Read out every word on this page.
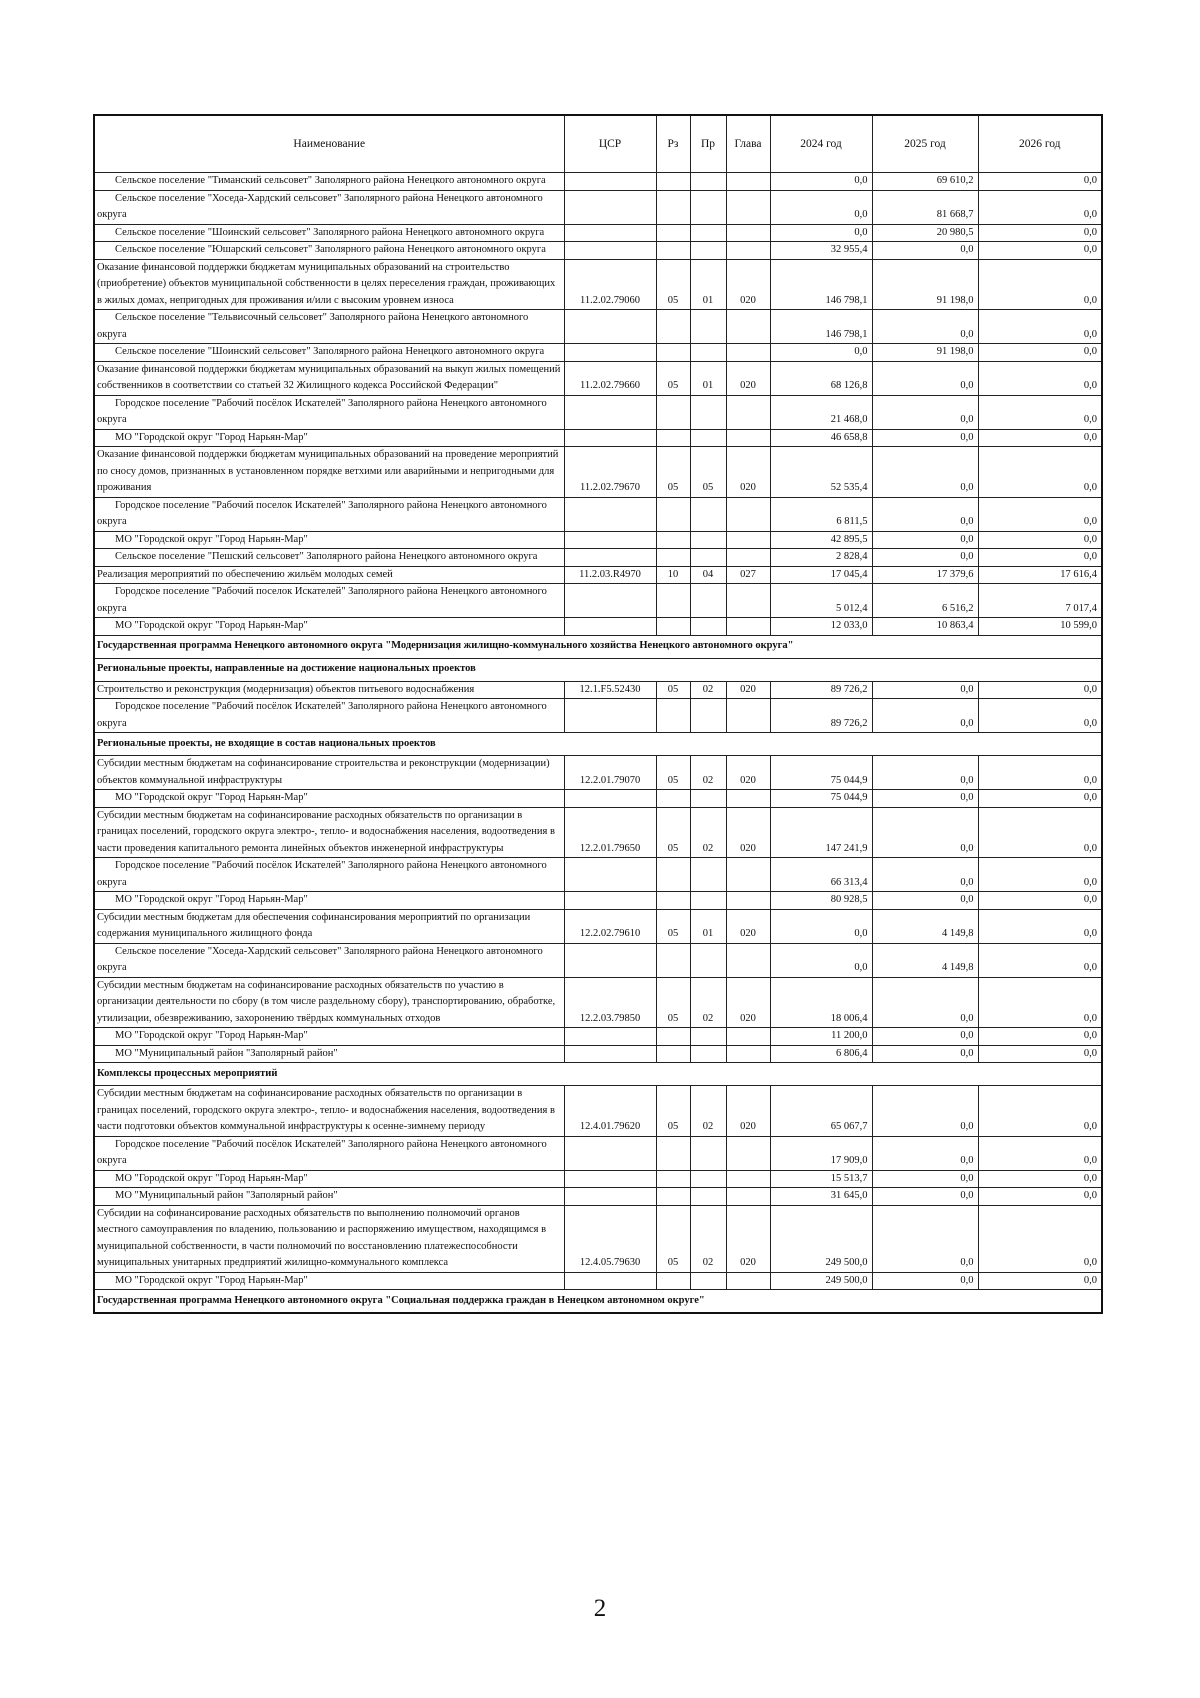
Наименование	ЦСР	Рз	Пр	Глава	2024 год	2025 год	2026 год
Сельское поселение "Тиманский сельсовет" Заполярного района Ненецкого автономного округа					0,0	69 610,2	0,0
Сельское поселение "Хоседа-Хардский сельсовет" Заполярного района Ненецкого автономного округа					0,0	81 668,7	0,0
Сельское поселение "Шоинский сельсовет" Заполярного района Ненецкого автономного округа					0,0	20 980,5	0,0
Сельское поселение "Юшарский сельсовет" Заполярного района Ненецкого автономного округа					32 955,4	0,0	0,0
Оказание финансовой поддержки бюджетам муниципальных образований на строительство (приобретение) объектов муниципальной собственности в целях переселения граждан, проживающих в жилых домах, непригодных для проживания и/или с высоким уровнем износа	11.2.02.79060	05	01	020	146 798,1	91 198,0	0,0
Сельское поселение "Тельвисочный сельсовет" Заполярного района Ненецкого автономного округа					146 798,1	0,0	0,0
Сельское поселение "Шоинский сельсовет" Заполярного района Ненецкого автономного округа					0,0	91 198,0	0,0
Оказание финансовой поддержки бюджетам муниципальных образований на выкуп жилых помещений собственников в соответствии со статьей 32 Жилищного кодекса Российской Федерации"	11.2.02.79660	05	01	020	68 126,8	0,0	0,0
Городское поселение "Рабочий посёлок Искателей" Заполярного района Ненецкого автономного округа					21 468,0	0,0	0,0
МО "Городской округ "Город Нарьян-Мар"					46 658,8	0,0	0,0
Оказание финансовой поддержки бюджетам муниципальных образований на проведение мероприятий по сносу домов, признанных в установленном порядке ветхими или аварийными и непригодными для проживания	11.2.02.79670	05	05	020	52 535,4	0,0	0,0
Городское поселение "Рабочий поселок Искателей" Заполярного района Ненецкого автономного округа					6 811,5	0,0	0,0
МО "Городской округ "Город Нарьян-Мар"					42 895,5	0,0	0,0
Сельское поселение "Пешский сельсовет" Заполярного района Ненецкого автономного округа					2 828,4	0,0	0,0
Реализация мероприятий по обеспечению жильём молодых семей	11.2.03.R4970	10	04	027	17 045,4	17 379,6	17 616,4
Городское поселение "Рабочий поселок Искателей" Заполярного района Ненецкого автономного округа					5 012,4	6 516,2	7 017,4
МО "Городской округ "Город Нарьян-Мар"					12 033,0	10 863,4	10 599,0
Государственная программа Ненецкого автономного округа "Модернизация жилищно-коммунального хозяйства Ненецкого автономного округа"							
Региональные проекты, направленные на достижение национальных проектов							
Строительство и реконструкция (модернизация) объектов питьевого водоснабжения	12.1.F5.52430	05	02	020	89 726,2	0,0	0,0
Городское поселение "Рабочий посёлок Искателей" Заполярного района Ненецкого автономного округа					89 726,2	0,0	0,0
Региональные проекты, не входящие в состав национальных проектов							
Субсидии местным бюджетам на софинансирование строительства и реконструкции (модернизации) объектов коммунальной инфраструктуры	12.2.01.79070	05	02	020	75 044,9	0,0	0,0
МО "Городской округ "Город Нарьян-Мар"					75 044,9	0,0	0,0
Субсидии местным бюджетам на софинансирование расходных обязательств по организации в границах поселений, городского округа электро-, тепло- и водоснабжения населения, водоотведения в части проведения капитального ремонта линейных объектов инженерной инфраструктуры	12.2.01.79650	05	02	020	147 241,9	0,0	0,0
Городское поселение "Рабочий посёлок Искателей" Заполярного района Ненецкого автономного округа					66 313,4	0,0	0,0
МО "Городской округ "Город Нарьян-Мар"					80 928,5	0,0	0,0
Субсидии местным бюджетам для обеспечения софинансирования мероприятий по организации содержания муниципального жилищного фонда	12.2.02.79610	05	01	020	0,0	4 149,8	0,0
Сельское поселение "Хоседа-Хардский сельсовет" Заполярного района Ненецкого автономного округа					0,0	4 149,8	0,0
Субсидии местным бюджетам на софинансирование расходных обязательств по участию в организации деятельности по сбору (в том числе раздельному сбору), транспортированию, обработке, утилизации, обезвреживанию, захоронению твёрдых коммунальных отходов	12.2.03.79850	05	02	020	18 006,4	0,0	0,0
МО "Городской округ "Город Нарьян-Мар"					11 200,0	0,0	0,0
МО "Муниципальный район "Заполярный район"					6 806,4	0,0	0,0
Комплексы процессных мероприятий							
Субсидии местным бюджетам на софинансирование расходных обязательств по организации в границах поселений, городского округа электро-, тепло- и водоснабжения населения, водоотведения в части подготовки объектов коммунальной инфраструктуры к осенне-зимнему периоду	12.4.01.79620	05	02	020	65 067,7	0,0	0,0
Городское поселение "Рабочий посёлок Искателей" Заполярного района Ненецкого автономного округа					17 909,0	0,0	0,0
МО "Городской округ "Город Нарьян-Мар"					15 513,7	0,0	0,0
МО "Муниципальный район "Заполярный район"					31 645,0	0,0	0,0
Субсидии на софинансирование расходных обязательств по выполнению полномочий органов местного самоуправления по владению, пользованию и распоряжению имуществом, находящимся в муниципальной собственности, в части полномочий по восстановлению платежеспособности муниципальных унитарных предприятий жилищно-коммунального комплекса	12.4.05.79630	05	02	020	249 500,0	0,0	0,0
МО "Городской округ "Город Нарьян-Мар"					249 500,0	0,0	0,0
Государственная программа Ненецкого автономного округа "Социальная поддержка граждан в Ненецком автономном округе"							
2
